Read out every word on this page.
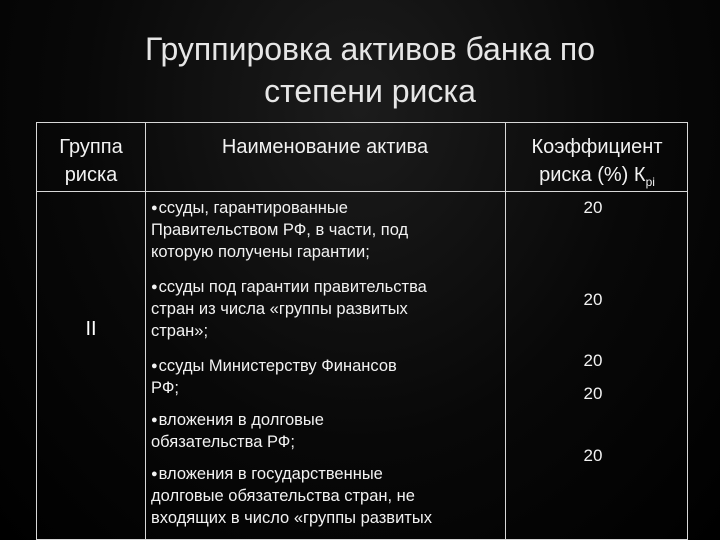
Группировка активов банка по
степени риска
Группа
риска
Наименование актива	Коэффициент
риска (%) $К_{pi}$
II
●ссуды, гарантированные
Правительством РФ, в части, под
которую получены гарантии;
●ссуды под гарантии правительства
стран из числа «группы развитых
стран»;
●ссуды Министерству Финансов
РФ;
●вложения в долговые
обязательства РФ;
●вложения в государственные
долговые обязательства стран, не
входящих в число «группы развитых
20
20
20
20
20
